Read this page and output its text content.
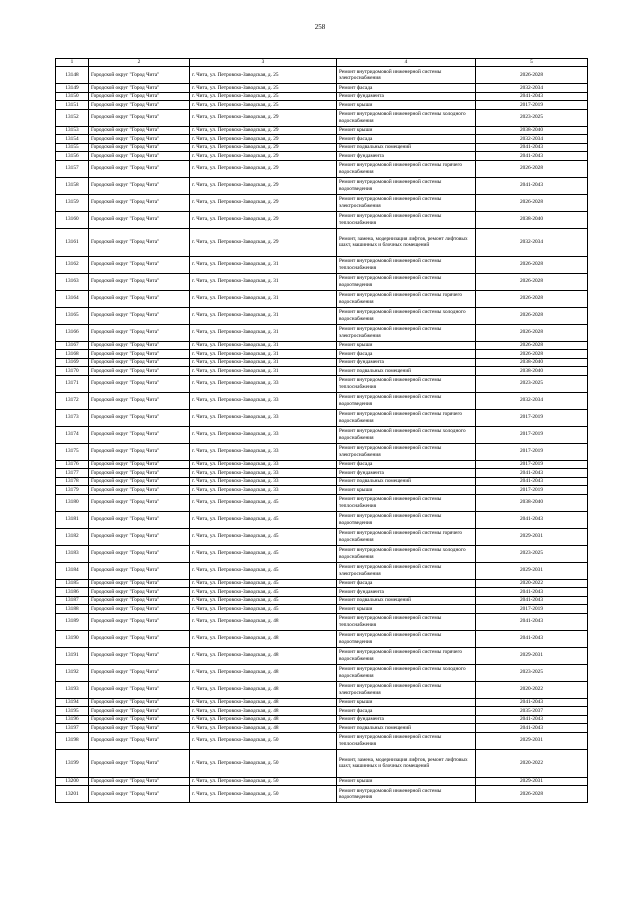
258
1	2	3	4	5
13148	Городской округ "Город Чита"	г. Чита, ул. Петровско-Заводская, д. 25	Ремонт внутридомовой инженерной системы электроснабжения	2026-2028
13149	Городской округ "Город Чита"	г. Чита, ул. Петровско-Заводская, д. 25	Ремонт фасада	2032-2034
13150	Городской округ "Город Чита"	г. Чита, ул. Петровско-Заводская, д. 25	Ремонт фундамента	2041-2043
13151	Городской округ "Город Чита"	г. Чита, ул. Петровско-Заводская, д. 25	Ремонт крыши	2017-2019
13152	Городской округ "Город Чита"	г. Чита, ул. Петровско-Заводская, д. 29	Ремонт внутридомовой инженерной системы холодного водоснабжения	2023-2025
13153	Городской округ "Город Чита"	г. Чита, ул. Петровско-Заводская, д. 29	Ремонт крыши	2038-2040
13154	Городской округ "Город Чита"	г. Чита, ул. Петровско-Заводская, д. 29	Ремонт фасада	2032-2034
13155	Городской округ "Город Чита"	г. Чита, ул. Петровско-Заводская, д. 29	Ремонт подвальных помещений	2041-2043
13156	Городской округ "Город Чита"	г. Чита, ул. Петровско-Заводская, д. 29	Ремонт фундамента	2041-2043
13157	Городской округ "Город Чита"	г. Чита, ул. Петровско-Заводская, д. 29	Ремонт внутридомовой инженерной системы горячего водоснабжения	2026-2028
13158	Городской округ "Город Чита"	г. Чита, ул. Петровско-Заводская, д. 29	Ремонт внутридомовой инженерной системы водоотведения	2041-2043
13159	Городской округ "Город Чита"	г. Чита, ул. Петровско-Заводская, д. 29	Ремонт внутридомовой инженерной системы электроснабжения	2026-2028
13160	Городской округ "Город Чита"	г. Чита, ул. Петровско-Заводская, д. 29	Ремонт внутридомовой инженерной системы теплоснабжения	2038-2040
13161	Городской округ "Город Чита"	г. Чита, ул. Петровско-Заводская, д. 29	Ремонт, замена, модернизация лифтов, ремонт лифтовых шахт, машинных и блочных помещений	2032-2034
13162	Городской округ "Город Чита"	г. Чита, ул. Петровско-Заводская, д. 31	Ремонт внутридомовой инженерной системы теплоснабжения	2026-2028
13163	Городской округ "Город Чита"	г. Чита, ул. Петровско-Заводская, д. 31	Ремонт внутридомовой инженерной системы водоотведения	2026-2028
13164	Городской округ "Город Чита"	г. Чита, ул. Петровско-Заводская, д. 31	Ремонт внутридомовой инженерной системы горячего водоснабжения	2026-2028
13165	Городской округ "Город Чита"	г. Чита, ул. Петровско-Заводская, д. 31	Ремонт внутридомовой инженерной системы холодного водоснабжения	2026-2028
13166	Городской округ "Город Чита"	г. Чита, ул. Петровско-Заводская, д. 31	Ремонт внутридомовой инженерной системы электроснабжения	2026-2028
13167	Городской округ "Город Чита"	г. Чита, ул. Петровско-Заводская, д. 31	Ремонт крыши	2026-2028
13168	Городской округ "Город Чита"	г. Чита, ул. Петровско-Заводская, д. 31	Ремонт фасада	2026-2028
13169	Городской округ "Город Чита"	г. Чита, ул. Петровско-Заводская, д. 31	Ремонт фундамента	2038-2040
13170	Городской округ "Город Чита"	г. Чита, ул. Петровско-Заводская, д. 31	Ремонт подвальных помещений	2038-2040
13171	Городской округ "Город Чита"	г. Чита, ул. Петровско-Заводская, д. 33	Ремонт внутридомовой инженерной системы теплоснабжения	2023-2025
13172	Городской округ "Город Чита"	г. Чита, ул. Петровско-Заводская, д. 33	Ремонт внутридомовой инженерной системы водоотведения	2032-2034
13173	Городской округ "Город Чита"	г. Чита, ул. Петровско-Заводская, д. 33	Ремонт внутридомовой инженерной системы горячего водоснабжения	2017-2019
13174	Городской округ "Город Чита"	г. Чита, ул. Петровско-Заводская, д. 33	Ремонт внутридомовой инженерной системы холодного водоснабжения	2017-2019
13175	Городской округ "Город Чита"	г. Чита, ул. Петровско-Заводская, д. 33	Ремонт внутридомовой инженерной системы электроснабжения	2017-2019
13176	Городской округ "Город Чита"	г. Чита, ул. Петровско-Заводская, д. 33	Ремонт фасада	2017-2019
13177	Городской округ "Город Чита"	г. Чита, ул. Петровско-Заводская, д. 33	Ремонт фундамента	2041-2043
13178	Городской округ "Город Чита"	г. Чита, ул. Петровско-Заводская, д. 33	Ремонт подвальных помещений	2041-2043
13179	Городской округ "Город Чита"	г. Чита, ул. Петровско-Заводская, д. 33	Ремонт крыши	2017-2019
13180	Городской округ "Город Чита"	г. Чита, ул. Петровско-Заводская, д. 45	Ремонт внутридомовой инженерной системы теплоснабжения	2038-2040
13181	Городской округ "Город Чита"	г. Чита, ул. Петровско-Заводская, д. 45	Ремонт внутридомовой инженерной системы водоотведения	2041-2043
13182	Городской округ "Город Чита"	г. Чита, ул. Петровско-Заводская, д. 45	Ремонт внутридомовой инженерной системы горячего водоснабжения	2029-2031
13183	Городской округ "Город Чита"	г. Чита, ул. Петровско-Заводская, д. 45	Ремонт внутридомовой инженерной системы холодного водоснабжения	2023-2025
13184	Городской округ "Город Чита"	г. Чита, ул. Петровско-Заводская, д. 45	Ремонт внутридомовой инженерной системы электроснабжения	2029-2031
13185	Городской округ "Город Чита"	г. Чита, ул. Петровско-Заводская, д. 45	Ремонт фасада	2020-2022
13186	Городской округ "Город Чита"	г. Чита, ул. Петровско-Заводская, д. 45	Ремонт фундамента	2041-2043
13187	Городской округ "Город Чита"	г. Чита, ул. Петровско-Заводская, д. 45	Ремонт подвальных помещений	2041-2043
13188	Городской округ "Город Чита"	г. Чита, ул. Петровско-Заводская, д. 45	Ремонт крыши	2017-2019
13189	Городской округ "Город Чита"	г. Чита, ул. Петровско-Заводская, д. 48	Ремонт внутридомовой инженерной системы теплоснабжения	2041-2043
13190	Городской округ "Город Чита"	г. Чита, ул. Петровско-Заводская, д. 48	Ремонт внутридомовой инженерной системы водоотведения	2041-2043
13191	Городской округ "Город Чита"	г. Чита, ул. Петровско-Заводская, д. 48	Ремонт внутридомовой инженерной системы горячего водоснабжения	2029-2031
13192	Городской округ "Город Чита"	г. Чита, ул. Петровско-Заводская, д. 48	Ремонт внутридомовой инженерной системы холодного водоснабжения	2023-2025
13193	Городской округ "Город Чита"	г. Чита, ул. Петровско-Заводская, д. 48	Ремонт внутридомовой инженерной системы электроснабжения	2020-2022
13194	Городской округ "Город Чита"	г. Чита, ул. Петровско-Заводская, д. 48	Ремонт крыши	2041-2043
13195	Городской округ "Город Чита"	г. Чита, ул. Петровско-Заводская, д. 48	Ремонт фасада	2035-2037
13196	Городской округ "Город Чита"	г. Чита, ул. Петровско-Заводская, д. 48	Ремонт фундамента	2041-2043
13197	Городской округ "Город Чита"	г. Чита, ул. Петровско-Заводская, д. 48	Ремонт подвальных помещений	2041-2043
13198	Городской округ "Город Чита"	г. Чита, ул. Петровско-Заводская, д. 50	Ремонт внутридомовой инженерной системы теплоснабжения	2029-2031
13199	Городской округ "Город Чита"	г. Чита, ул. Петровско-Заводская, д. 50	Ремонт, замена, модернизация лифтов, ремонт лифтовых шахт, машинных и блочных помещений	2020-2022
13200	Городской округ "Город Чита"	г. Чита, ул. Петровско-Заводская, д. 50	Ремонт крыши	2029-2031
13201	Городской округ "Город Чита"	г. Чита, ул. Петровско-Заводская, д. 50	Ремонт внутридомовой инженерной системы водоотведения	2026-2028
